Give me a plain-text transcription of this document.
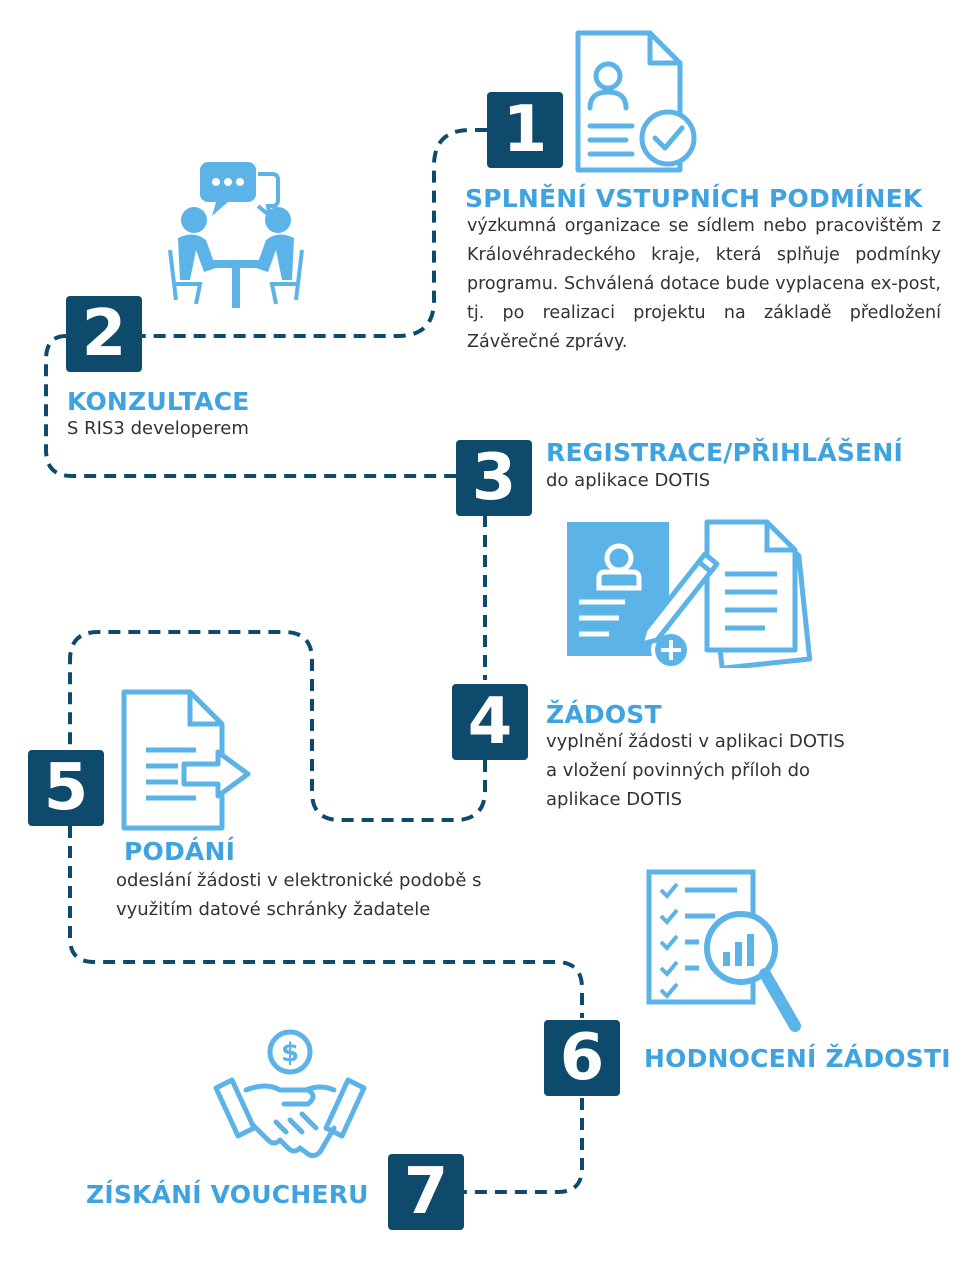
$
1
2
3
4
5
6
7
SPLNĚNÍ VSTUPNÍCH PODMÍNEK
výzkumná organizace se sídlem nebo pracovištěm z Královéhradeckého kraje, která splňuje podmínky programu. Schválená dotace bude vyplacena ex-post, tj. po realizaci projektu na základě předložení Závěrečné zprávy.
KONZULTACE
S RIS3 developerem
REGISTRACE/PŘIHLÁŠENÍ
do aplikace DOTIS
ŽÁDOST
vyplnění žádosti v aplikaci DOTIS a vložení povinných příloh do aplikace DOTIS
PODÁNÍ
odeslání žádosti v elektronické podobě s využitím datové schránky žadatele
HODNOCENÍ ŽÁDOSTI
ZÍSKÁNÍ VOUCHERU
